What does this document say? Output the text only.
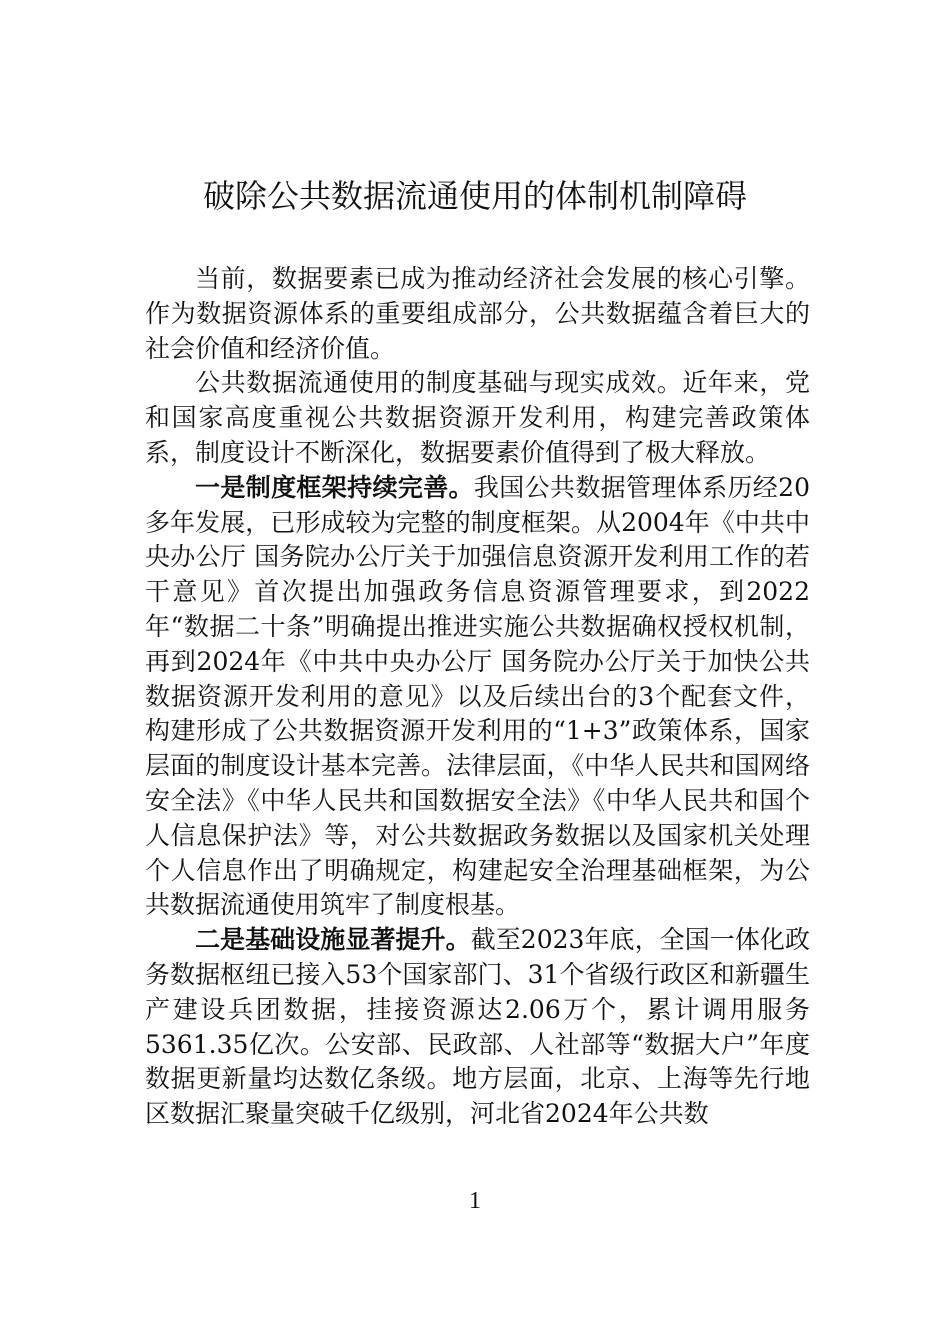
破除公共数据流通使用的体制机制障碍

当前，数据要素已成为推动经济社会发展的核心引擎。作为数据资源体系的重要组成部分，公共数据蕴含着巨大的社会价值和经济价值。

公共数据流通使用的制度基础与现实成效。近年来，党和国家高度重视公共数据资源开发利用，构建完善政策体系，制度设计不断深化，数据要素价值得到了极大释放。

一是制度框架持续完善。我国公共数据管理体系历经20多年发展，已形成较为完整的制度框架。从2004年《中共中央办公厅 国务院办公厅关于加强信息资源开发利用工作的若干意见》首次提出加强政务信息资源管理要求，到2022年“数据二十条”明确提出推进实施公共数据确权授权机制，再到2024年《中共中央办公厅 国务院办公厅关于加快公共数据资源开发利用的意见》以及后续出台的3个配套文件，构建形成了公共数据资源开发利用的“1+3”政策体系，国家层面的制度设计基本完善。法律层面，《中华人民共和国网络安全法》《中华人民共和国数据安全法》《中华人民共和国个人信息保护法》等，对公共数据政务数据以及国家机关处理个人信息作出了明确规定，构建起安全治理基础框架，为公共数据流通使用筑牢了制度根基。

二是基础设施显著提升。截至2023年底，全国一体化政务数据枢纽已接入53个国家部门、31个省级行政区和新疆生产建设兵团数据，挂接资源达2.06万个，累计调用服务5361.35亿次。公安部、民政部、人社部等“数据大户”年度数据更新量均达数亿条级。地方层面，北京、上海等先行地区数据汇聚量突破千亿级别，河北省2024年公共数

1
